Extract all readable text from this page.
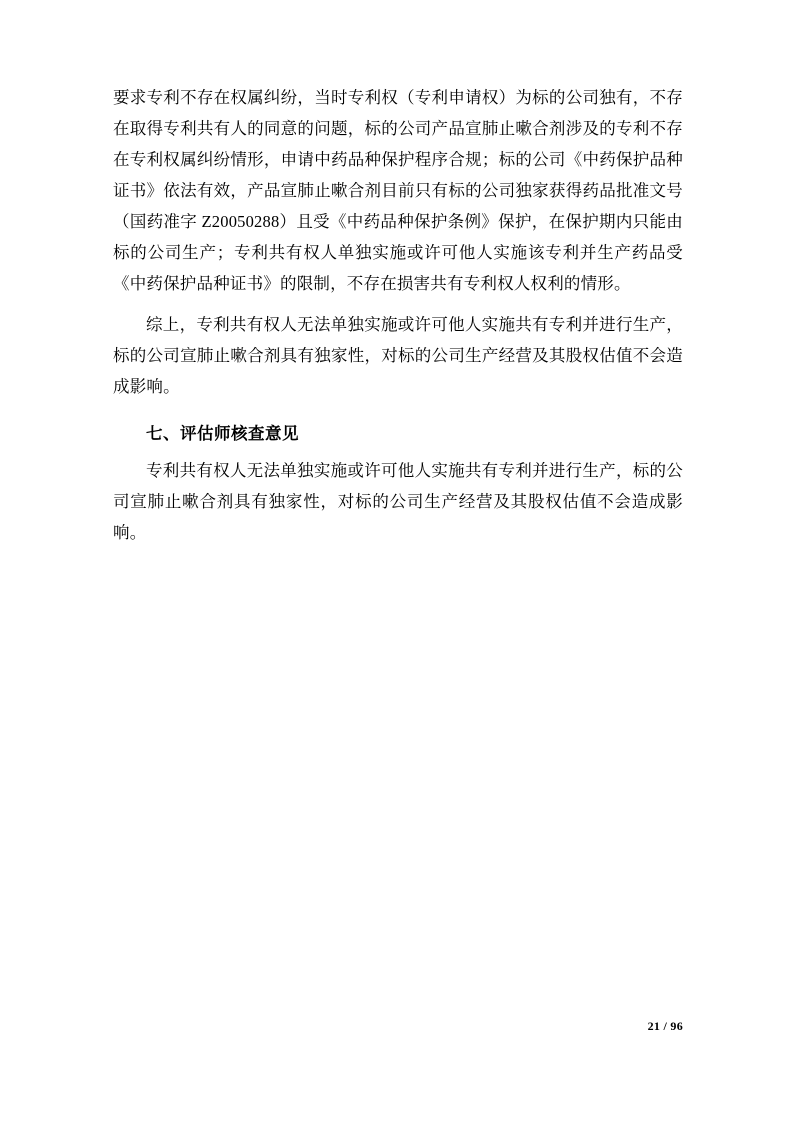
要求专利不存在权属纠纷，当时专利权（专利申请权）为标的公司独有，不存在取得专利共有人的同意的问题，标的公司产品宣肺止嗽合剂涉及的专利不存在专利权属纠纷情形，申请中药品种保护程序合规；标的公司《中药保护品种证书》依法有效，产品宣肺止嗽合剂目前只有标的公司独家获得药品批准文号（国药准字 Z20050288）且受《中药品种保护条例》保护，在保护期内只能由标的公司生产；专利共有权人单独实施或许可他人实施该专利并生产药品受《中药保护品种证书》的限制，不存在损害共有专利权人权利的情形。

综上，专利共有权人无法单独实施或许可他人实施共有专利并进行生产，标的公司宣肺止嗽合剂具有独家性，对标的公司生产经营及其股权估值不会造成影响。

七、评估师核查意见

专利共有权人无法单独实施或许可他人实施共有专利并进行生产，标的公司宣肺止嗽合剂具有独家性，对标的公司生产经营及其股权估值不会造成影响。

21 / 96
